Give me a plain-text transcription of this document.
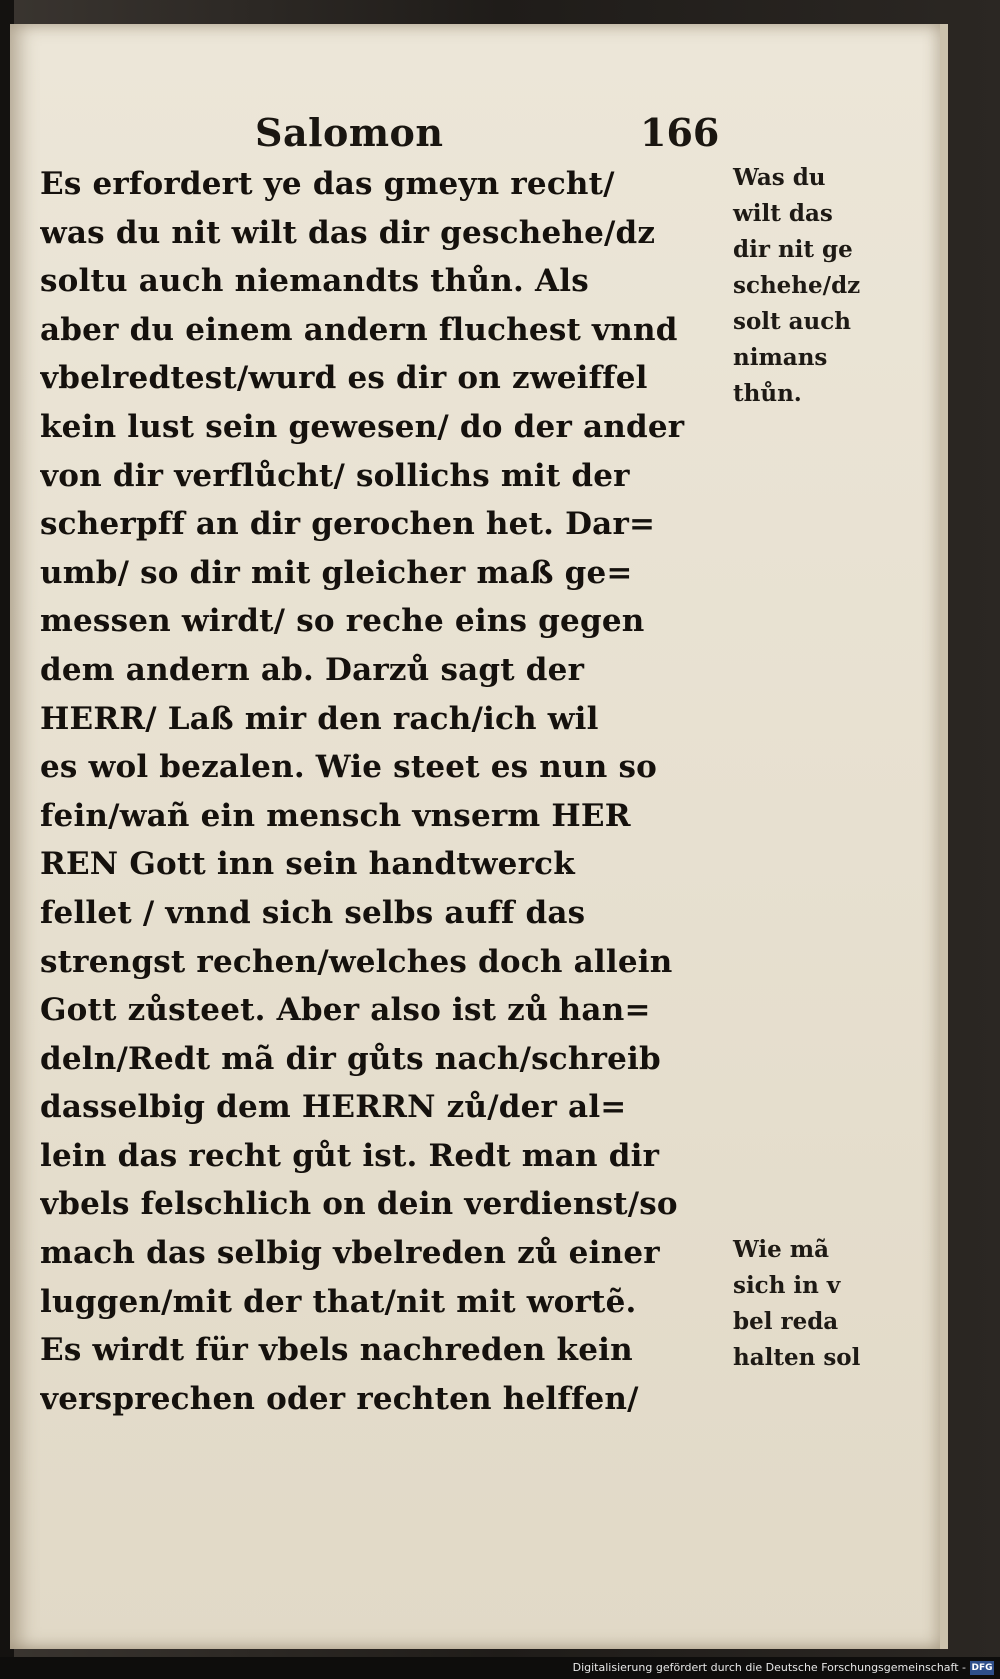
Salomon	166
Es erfordert ye das gmeyn recht/
was du nit wilt das dir geschehe/dz
soltu auch niemandts thůn. Als
aber du einem andern fluchest vnnd
vbelredtest/wurd es dir on zweiffel
kein lust sein gewesen/ do der ander
von dir verflůcht/ sollichs mit der
scherpff an dir gerochen het. Dar=
umb/ so dir mit gleicher maß ge=
messen wirdt/ so reche eins gegen
dem andern ab. Darzů sagt der
HERR/ Laß mir den rach/ich wil
es wol bezalen. Wie steet es nun so
fein/wañ ein mensch vnserm HER
REN Gott inn sein handtwerck
fellet / vnnd sich selbs auff das
strengst rechen/welches doch allein
Gott zůsteet. Aber also ist zů han=
deln/Redt mã dir gůts nach/schreib
dasselbig dem HERRN zů/der al=
lein das recht gůt ist. Redt man dir
vbels felschlich on dein verdienst/so
mach das selbig vbelreden zů einer
luggen/mit der that/nit mit wortẽ.
Es wirdt für vbels nachreden kein
versprechen oder rechten helffen/
Was du
wilt das
dir nit ge
schehe/dz
solt auch
nimans
thůn.
Wie mã
sich in v
bel reda
halten sol
Digitalisierung gefördert durch die Deutsche Forschungsgemeinschaft - DFG
